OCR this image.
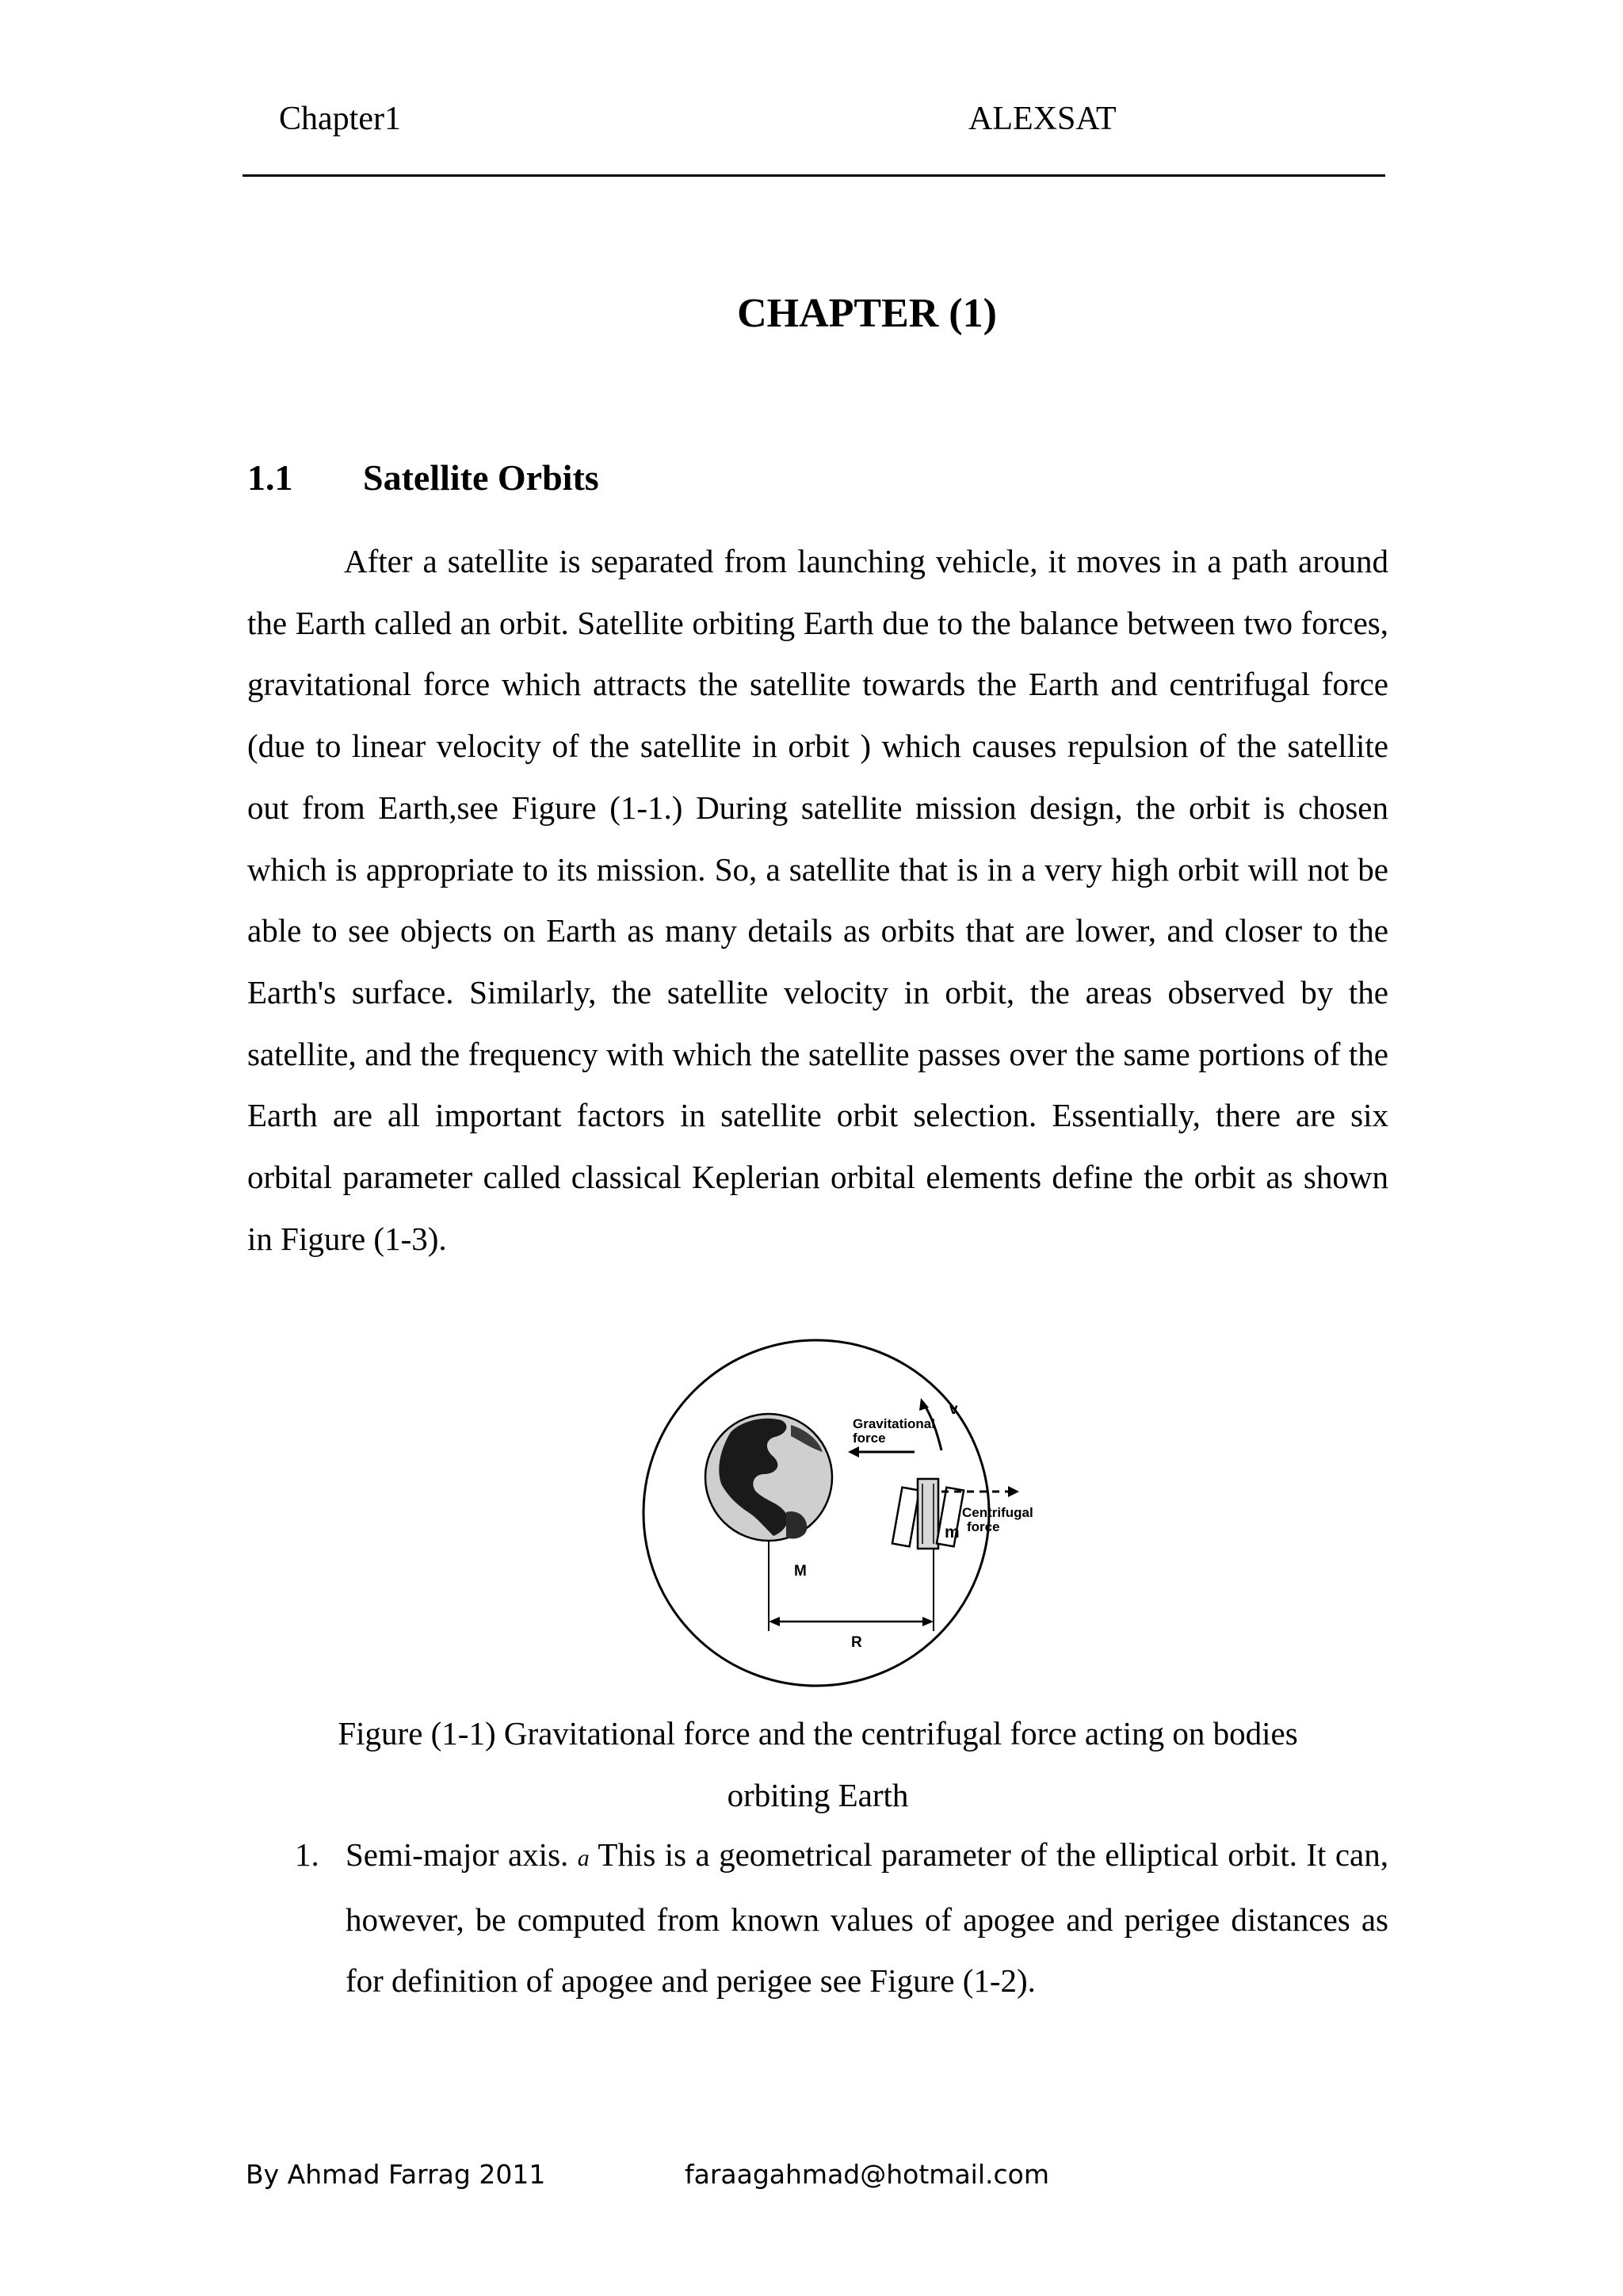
Chapter1	ALEXSAT
CHAPTER (1)
1.1 Satellite Orbits

After a satellite is separated from launching vehicle, it moves in a path around the Earth called an orbit. Satellite orbiting Earth due to the balance between two forces, gravitational force which attracts the satellite towards the Earth and centrifugal force (due to linear velocity of the satellite in orbit ) which causes repulsion of the satellite out from Earth,see Figure (1-1.) During satellite mission design, the orbit is chosen which is appropriate to its mission. So, a satellite that is in a very high orbit will not be able to see objects on Earth as many details as orbits that are lower, and closer to the Earth's surface. Similarly, the satellite velocity in orbit, the areas observed by the satellite, and the frequency with which the satellite passes over the same portions of the Earth are all important factors in satellite orbit selection. Essentially, there are six orbital parameter called classical Keplerian orbital elements define the orbit as shown in Figure (1-3).

Gravitational
force
Centrifugal
force
v
M
m
R
Figure (1-1) Gravitational force and the centrifugal force acting on bodies
orbiting Earth
1. Semi-major axis. a This is a geometrical parameter of the elliptical orbit. It can, however, be computed from known values of apogee and perigee distances as for definition of apogee and perigee see Figure (1-2).
By Ahmad Farrag 2011	faraagahmad@hotmail.com
